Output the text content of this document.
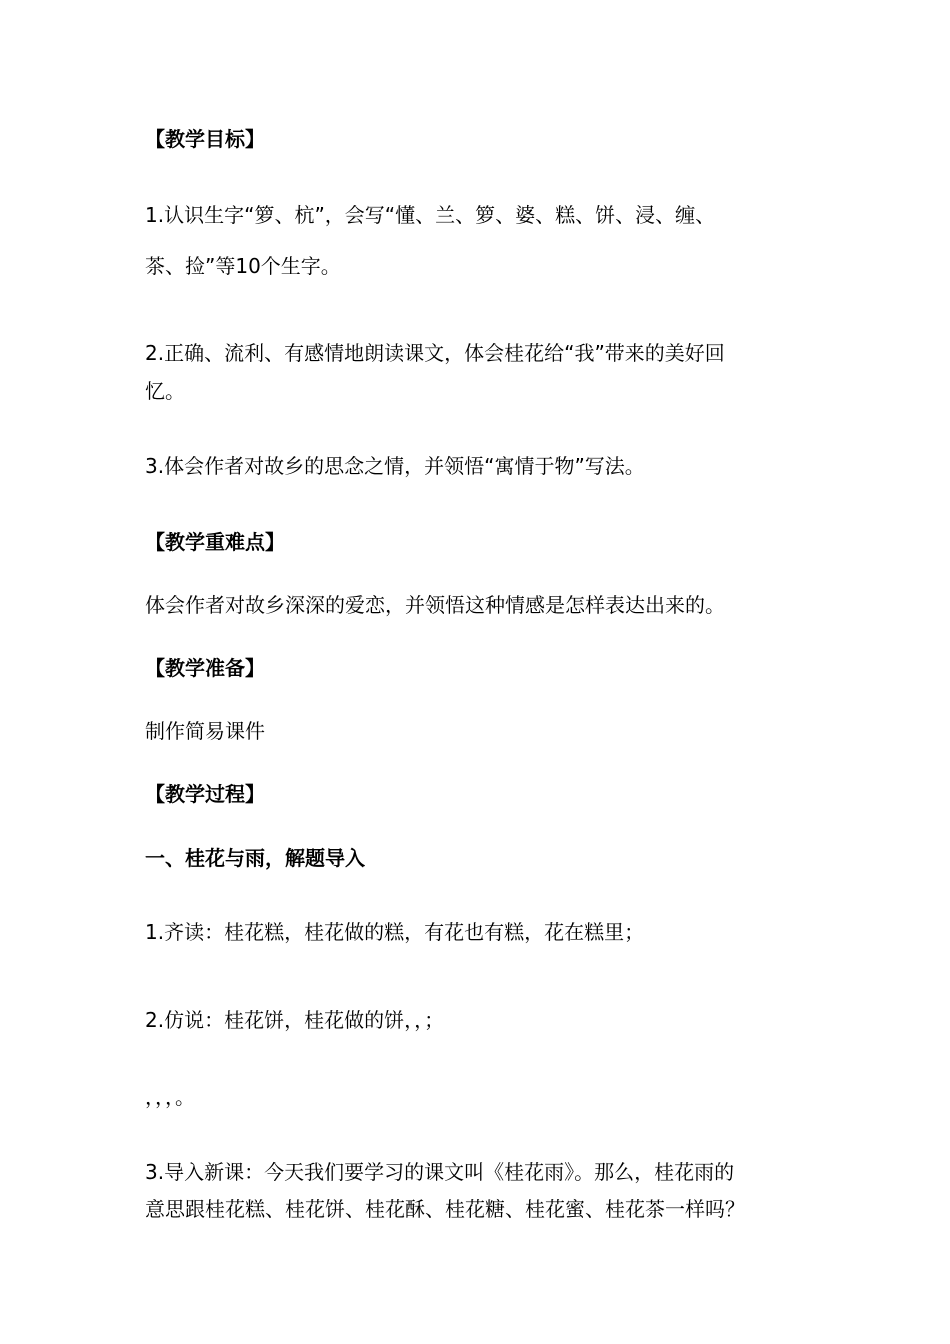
【教学目标】
1.认识生字“箩、杭”，会写“懂、兰、箩、婆、糕、饼、浸、缠、
茶、捡”等10个生字。
2.正确、流利、有感情地朗读课文，体会桂花给“我”带来的美好回
忆。
3.体会作者对故乡的思念之情，并领悟“寓情于物”写法。
【教学重难点】
体会作者对故乡深深的爱恋，并领悟这种情感是怎样表达出来的。
【教学准备】
制作简易课件
【教学过程】
一、桂花与雨，解题导入
1.齐读：桂花糕，桂花做的糕，有花也有糕，花在糕里；
2.仿说：桂花饼，桂花做的饼，，；
，，，。
3.导入新课：今天我们要学习的课文叫《桂花雨》。那么，桂花雨的
意思跟桂花糕、桂花饼、桂花酥、桂花糖、桂花蜜、桂花茶一样吗？
